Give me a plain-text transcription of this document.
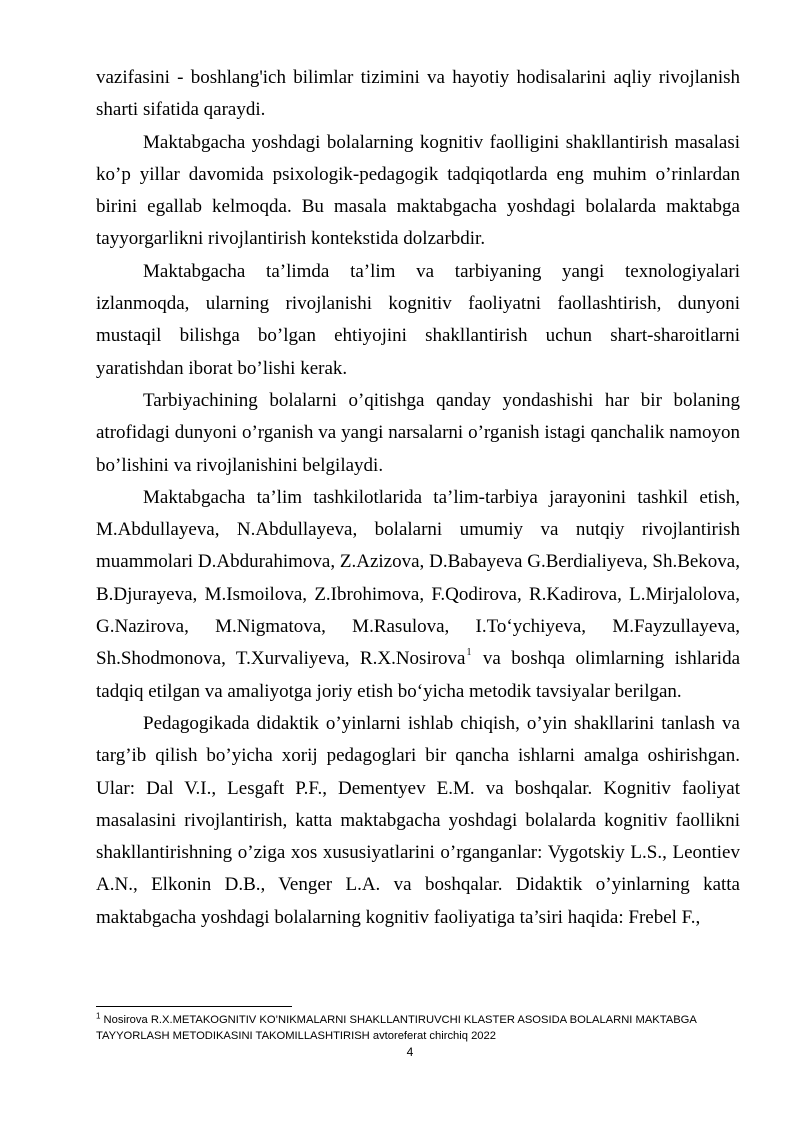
vazifasini - boshlang'ich bilimlar tizimini va hayotiy hodisalarini aqliy rivojlanish sharti sifatida qaraydi.

Maktabgacha yoshdagi bolalarning kognitiv faolligini shakllantirish masalasi ko’p yillar davomida psixologik-pedagogik tadqiqotlarda eng muhim o’rinlardan birini egallab kelmoqda. Bu masala maktabgacha yoshdagi bolalarda maktabga tayyorgarlikni rivojlantirish kontekstida dolzarbdir.

Maktabgacha ta’limda ta’lim va tarbiyaning yangi texnologiyalari izlanmoqda, ularning rivojlanishi kognitiv faoliyatni faollashtirish, dunyoni mustaqil bilishga bo’lgan ehtiyojini shakllantirish uchun shart-sharoitlarni yaratishdan iborat bo’lishi kerak.

Tarbiyachining bolalarni o’qitishga qanday yondashishi har bir bolaning atrofidagi dunyoni o’rganish va yangi narsalarni o’rganish istagi qanchalik namoyon bo’lishini va rivojlanishini belgilaydi.

Maktabgacha ta’lim tashkilotlarida ta’lim-tarbiya jarayonini tashkil etish, M.Abdullayeva, N.Abdullayeva, bolalarni umumiy va nutqiy rivojlantirish muammolari D.Abdurahimova, Z.Azizova, D.Babayeva G.Berdialiyeva, Sh.Bekova, B.Djurayeva, M.Ismoilova, Z.Ibrohimova, F.Qodirova, R.Kadirova, L.Mirjalolova, G.Nazirova, M.Nigmatova, M.Rasulova, I.To‘ychiyeva, M.Fayzullayeva, Sh.Shodmonova, T.Xurvaliyeva, R.X.Nosirova$^1$ va boshqa olimlarning ishlarida tadqiq etilgan va amaliyotga joriy etish bo‘yicha metodik tavsiyalar berilgan.

Pedagogikada didaktik o’yinlarni ishlab chiqish, o’yin shakllarini tanlash va targ’ib qilish bo’yicha xorij pedagoglari bir qancha ishlarni amalga oshirishgan. Ular: Dal V.I., Lesgaft P.F., Dementyev E.M. va boshqalar. Kognitiv faoliyat masalasini rivojlantirish, katta maktabgacha yoshdagi bolalarda kognitiv faollikni shakllantirishning o’ziga xos xususiyatlarini o’rganganlar: Vygotskiy L.S., Leontiev A.N., Elkonin D.B., Venger L.A. va boshqalar. Didaktik o’yinlarning katta maktabgacha yoshdagi bolalarning kognitiv faoliyatiga ta’siri haqida: Frebel F.,

$^1$ Nosirova R.X.METAKOGNITIV KO’NIKMALARNI SHAKLLANTIRUVCHI KLASTER ASOSIDA BOLALARNI MAKTABGA TAYYORLASH METODIKASINI TAKOMILLASHTIRISH avtoreferat chirchiq 2022
4
